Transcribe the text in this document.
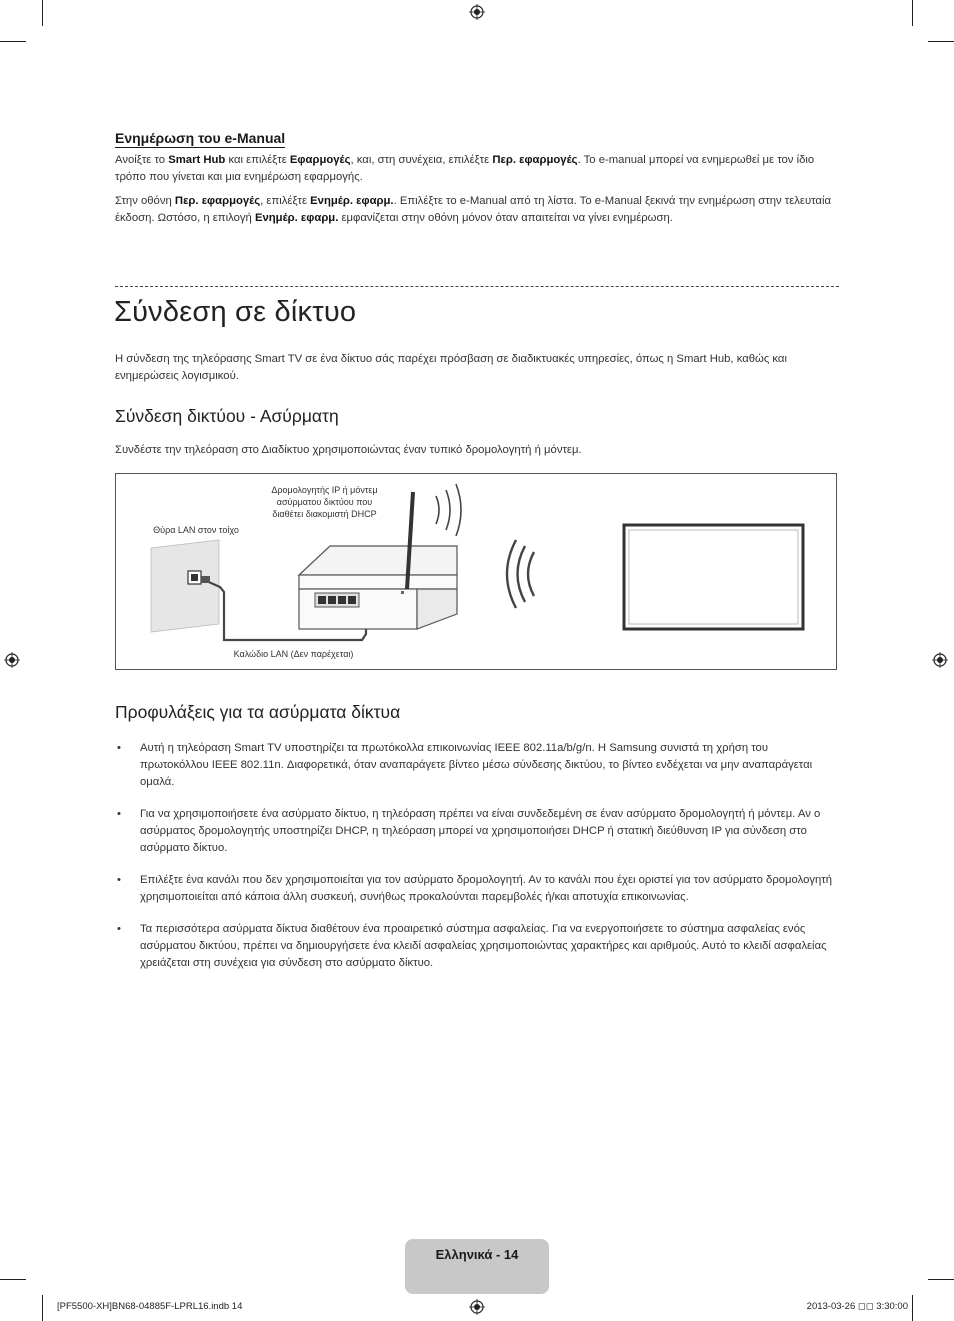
Ενημέρωση του e-Manual
Ανοίξτε το Smart Hub και επιλέξτε Εφαρμογές, και, στη συνέχεια, επιλέξτε Περ. εφαρμογές. Το e-manual μπορεί να ενημερωθεί με τον ίδιο τρόπο που γίνεται και μια ενημέρωση εφαρμογής.
Στην οθόνη Περ. εφαρμογές, επιλέξτε Ενημέρ. εφαρμ.. Επιλέξτε το e-Manual από τη λίστα. Το e-Manual ξεκινά την ενημέρωση στην τελευταία έκδοση. Ωστόσο, η επιλογή Ενημέρ. εφαρμ. εμφανίζεται στην οθόνη μόνον όταν απαιτείται να γίνει ενημέρωση.
Σύνδεση σε δίκτυο
Η σύνδεση της τηλεόρασης Smart TV σε ένα δίκτυο σάς παρέχει πρόσβαση σε διαδικτυακές υπηρεσίες, όπως η Smart Hub, καθώς και ενημερώσεις λογισμικού.
Σύνδεση δικτύου - Ασύρματη
Συνδέστε την τηλεόραση στο Διαδίκτυο χρησιμοποιώντας έναν τυπικό δρομολογητή ή μόντεμ.
Δρομολογητής IP ή μόντεμ ασύρματου δικτύου που διαθέτει διακομιστή DHCP
Θύρα LAN στον τοίχο
Καλώδιο LAN (Δεν παρέχεται)
Προφυλάξεις για τα ασύρματα δίκτυα
• Αυτή η τηλεόραση Smart TV υποστηρίζει τα πρωτόκολλα επικοινωνίας IEEE 802.11a/b/g/n. Η Samsung συνιστά τη χρήση του πρωτοκόλλου IEEE 802.11n. Διαφορετικά, όταν αναπαράγετε βίντεο μέσω σύνδεσης δικτύου, το βίντεο ενδέχεται να μην αναπαράγεται ομαλά.
• Για να χρησιμοποιήσετε ένα ασύρματο δίκτυο, η τηλεόραση πρέπει να είναι συνδεδεμένη σε έναν ασύρματο δρομολογητή ή μόντεμ. Αν ο ασύρματος δρομολογητής υποστηρίζει DHCP, η τηλεόραση μπορεί να χρησιμοποιήσει DHCP ή στατική διεύθυνση IP για σύνδεση στο ασύρματο δίκτυο.
• Επιλέξτε ένα κανάλι που δεν χρησιμοποιείται για τον ασύρματο δρομολογητή. Αν το κανάλι που έχει οριστεί για τον ασύρματο δρομολογητή χρησιμοποιείται από κάποια άλλη συσκευή, συνήθως προκαλούνται παρεμβολές ή/και αποτυχία επικοινωνίας.
• Τα περισσότερα ασύρματα δίκτυα διαθέτουν ένα προαιρετικό σύστημα ασφαλείας. Για να ενεργοποιήσετε το σύστημα ασφαλείας ενός ασύρματου δικτύου, πρέπει να δημιουργήσετε ένα κλειδί ασφαλείας χρησιμοποιώντας χαρακτήρες και αριθμούς. Αυτό το κλειδί ασφαλείας χρειάζεται στη συνέχεια για σύνδεση στο ασύρματο δίκτυο.
Ελληνικά - 14
[PF5500-XH]BN68-04885F-LPRL16.indb 14	2013-03-26 ◻◻ 3:30:00
